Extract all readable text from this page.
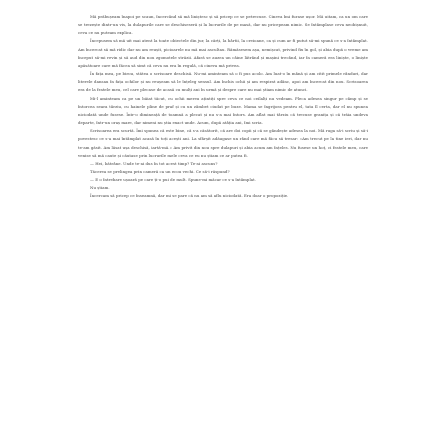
Mă prăbușeam înapoi pe scaun, încercând să mă liniștesc și să pricep ce se petrecuse. Cineva îmi furase ușor. Mă uitam, ca un om care se trezește dintr-un vis, la dulapurile care se deschiseseră și la lucrurile de pe masă, dar nu pricepeam nimic. Se întâmplase ceva neobișnuit, ceva ce nu puteam explica.

Începusem să mă uit mai atent la toate obiectele din jur, la cărți, la hârtii, la creioane, ca și cum ar fi putut să-mi spună ce s-a întâmplat. Am încercat să mă ridic dar nu am reușit, picioarele nu mă mai ascultau. Rămăsesem așa, nemișcat, privind fix în gol, și abia după o vreme am început să-mi revin și să aud din nou zgomotele străzii. Afară se auzea un câine lătrând și mașini trecând, iar în cameră era liniște, o liniște apăsătoare care mă făcea să simt că ceva nu era în regulă, că cineva mă privea.

În fața mea, pe birou, stătea o scrisoare deschisă. Nu-mi aminteam să o fi pus acolo. Am luat-o în mână și am citit primele rânduri, dar literele dansau în fața ochilor și nu reușeam să le înțeleg sensul. Am închis ochii și am respirat adânc, apoi am încercat din nou. Scrisoarea era de la fratele meu, cel care plecase de acasă cu mulți ani în urmă și despre care nu mai știam nimic de atunci.

Mi-l aminteam ca pe un băiat tăcut, cu ochii mereu ațintiți spre ceva ce noi ceilalți nu vedeam. Pleca adesea singur pe câmp și se întorcea seara târziu, cu hainele pline de praf și cu un zâmbet ciudat pe buze. Mama se îngrijora pentru el, tata îl certa, dar el nu spunea niciodată unde fusese. Într-o dimineață de toamnă a plecat și nu s-a mai întors. Am aflat mai târziu că trecuse granița și că trăia undeva departe, într-un oraș mare, dar nimeni nu știa exact unde. Acum, după atâția ani, îmi scria.

Scrisoarea era scurtă. Îmi spunea că este bine, că s-a căsătorit, că are doi copii și că se gândește adesea la noi. Mă ruga să-i scriu și să-i povestesc ce s-a mai întâmplat acasă în toți acești ani. La sfârșit adăugase un rând care mă făcu să tresar: «Am trecut pe la tine ieri, dar nu te-am găsit. Am lăsat ușa deschisă, iartă-mă.» Am privit din nou spre dulapuri și abia acum am înțeles. Nu fusese un hoț, ci fratele meu, care venise să mă caute și căutase prin lucrurile mele ceva ce eu nu știam ce ar putea fi.

— Hei, bătrâne. Unde te-ai dus în tot acest timp? Te-ai ascuns?

Tăcerea se prelingea prin cameră ca un ecou vechi. Ce să-i răspund?

— E o întrebare ușoară pe care ți-o pui de mult. Spune-mi măcar ce s-a întâmplat.

Nu știam.

Încercam să pricep ce înseamnă, dar mi se pare că nu am să aflu niciodată. Era doar o propoziție.
